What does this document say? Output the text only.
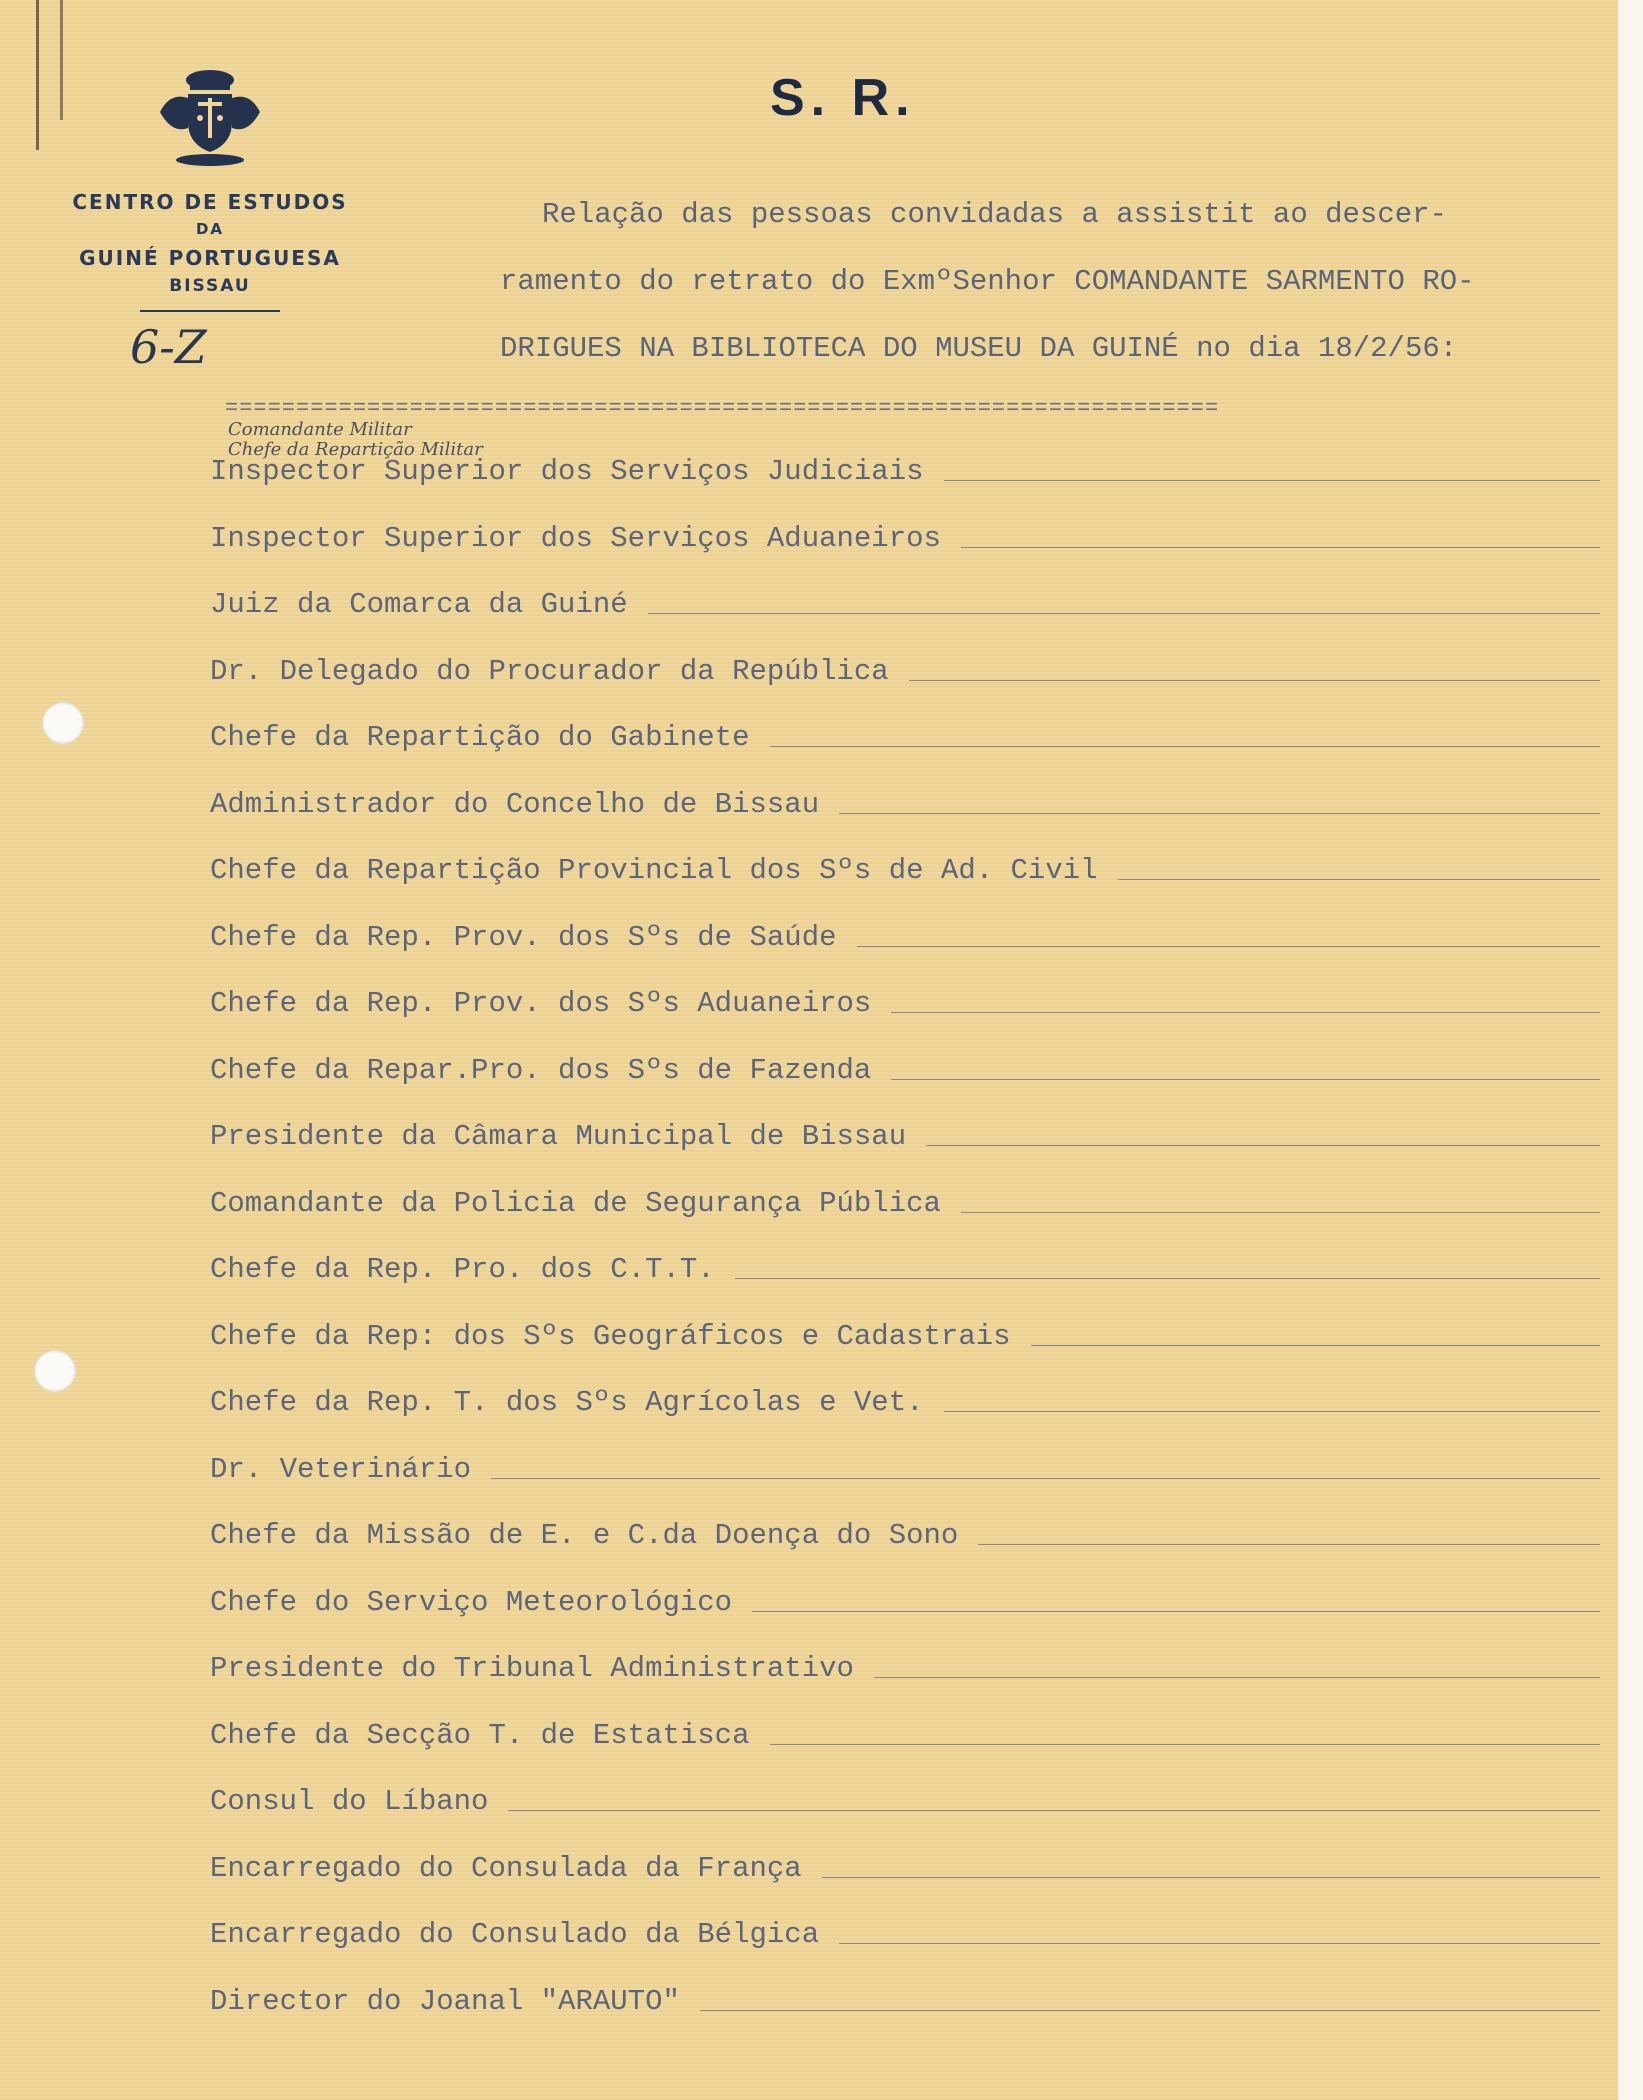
CENTRO DE ESTUDOS
DA
GUINÉ PORTUGUESA
BISSAU
6-Z
S. R.
Relação das pessoas convidadas a assistit ao descer-
ramento do retrato do ExmºSenhor COMANDANTE SARMENTO RO-
DRIGUES NA BIBLIOTECA DO MUSEU DA GUINÉ no dia 18/2/56:
======================================================================
Comandante Militar
Chefe da Repartição Militar
Inspector Superior dos Serviços Judiciais
Inspector Superior dos Serviços Aduaneiros
Juiz da Comarca da Guiné
Dr. Delegado do Procurador da República
Chefe da Repartição do Gabinete
Administrador do Concelho de Bissau
Chefe da Repartição Provincial dos Sºs de Ad. Civil
Chefe da Rep. Prov. dos Sºs de Saúde
Chefe da Rep. Prov. dos Sºs Aduaneiros
Chefe da Repar.Pro. dos Sºs de Fazenda
Presidente da Câmara Municipal de Bissau
Comandante da Policia de Segurança Pública
Chefe da Rep. Pro. dos C.T.T.
Chefe da Rep: dos Sºs Geográficos e Cadastrais
Chefe da Rep. T. dos Sºs Agrícolas e Vet.
Dr. Veterinário
Chefe da Missão de E. e C.da Doença do Sono
Chefe do Serviço Meteorológico
Presidente do Tribunal Administrativo
Chefe da Secção T. de Estatisca
Consul do Líbano
Encarregado do Consulada da França
Encarregado do Consulado da Bélgica
Director do Joanal "ARAUTO"
